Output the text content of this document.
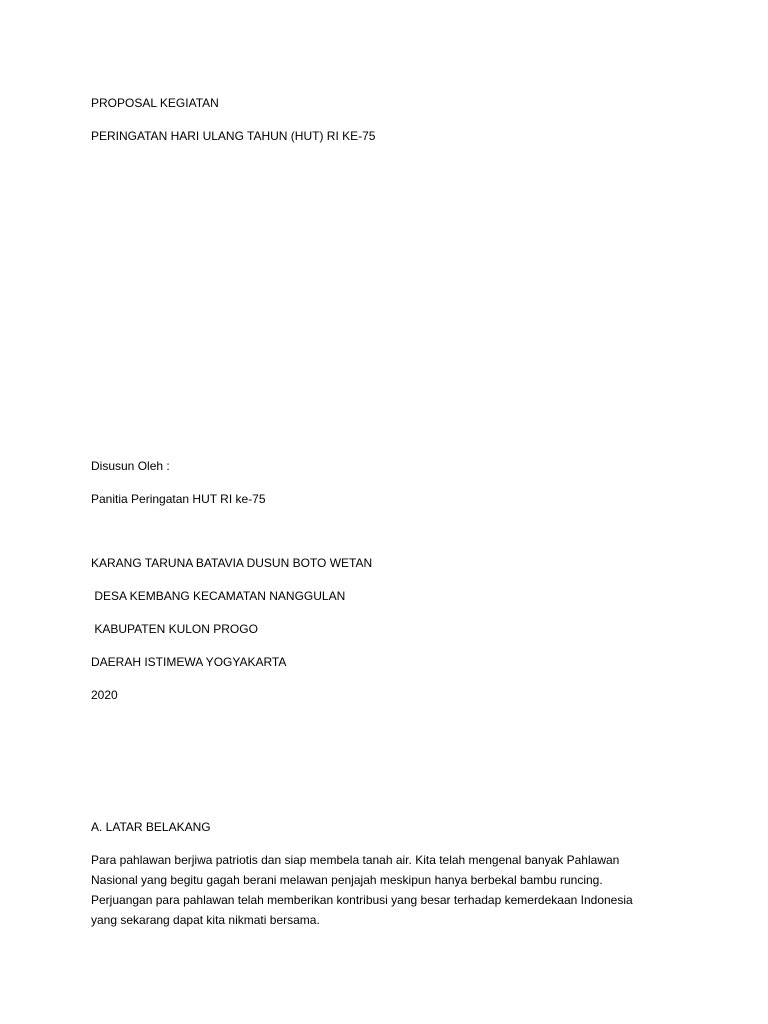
PROPOSAL KEGIATAN
PERINGATAN HARI ULANG TAHUN (HUT) RI KE-75
Disusun Oleh :
Panitia Peringatan HUT RI ke-75
KARANG TARUNA BATAVIA DUSUN BOTO WETAN
DESA KEMBANG KECAMATAN NANGGULAN
KABUPATEN KULON PROGO
DAERAH ISTIMEWA YOGYAKARTA
2020
A. LATAR BELAKANG
Para pahlawan berjiwa patriotis dan siap membela tanah air. Kita telah mengenal banyak Pahlawan
Nasional yang begitu gagah berani melawan penjajah meskipun hanya berbekal bambu runcing.
Perjuangan para pahlawan telah memberikan kontribusi yang besar terhadap kemerdekaan Indonesia
yang sekarang dapat kita nikmati bersama.
